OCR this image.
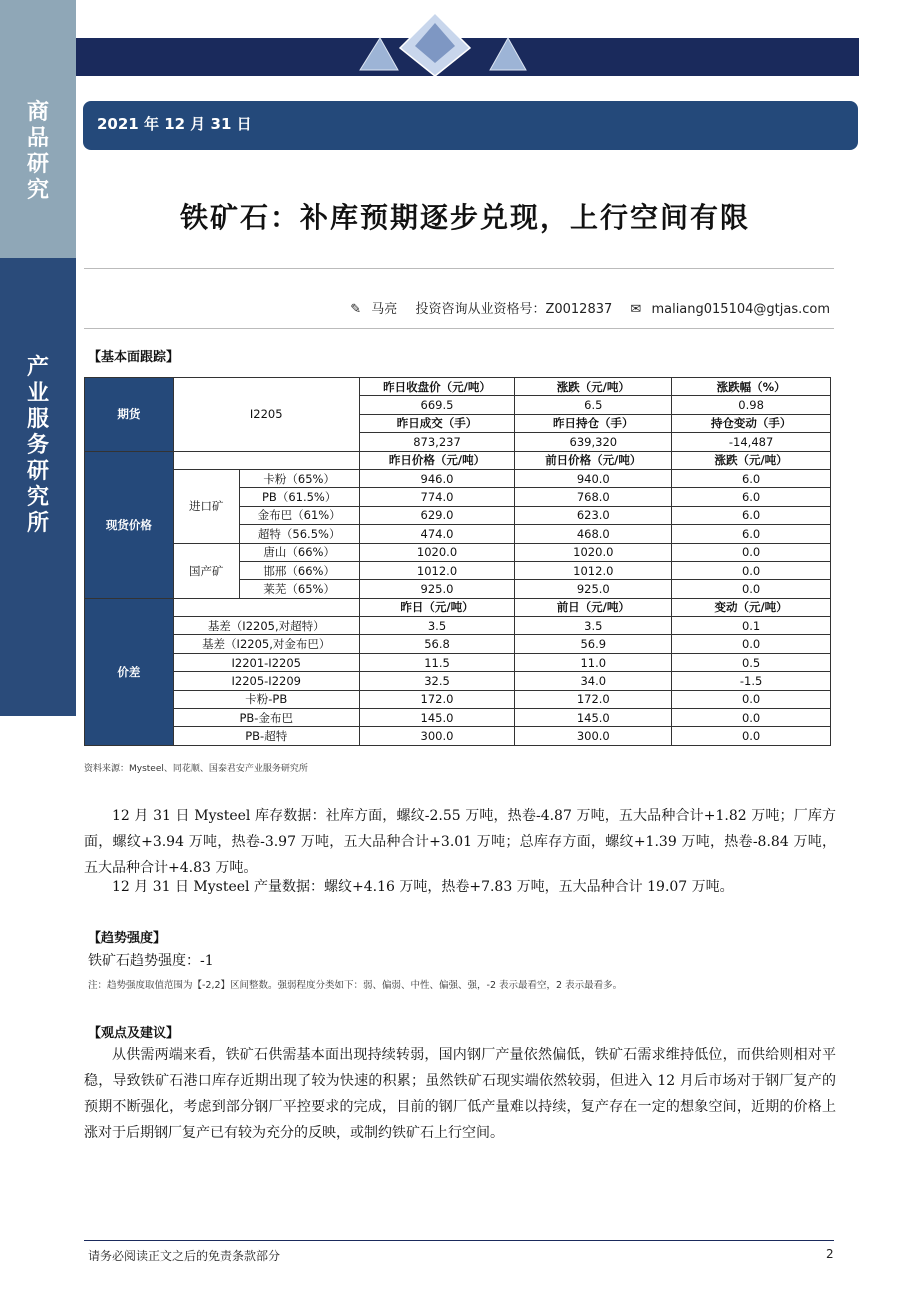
商
品
研
究
产
业
服
务
研
究
所
2021 年 12 月 31 日
铁矿石：补库预期逐步兑现，上行空间有限
✎ 马亮 投资咨询从业资格号：Z0012837 ✉ maliang015104@gtjas.com
【基本面跟踪】
期货	I2205		昨日收盘价（元/吨）	涨跌（元/吨）	涨跌幅（%）
			669.5	6.5	0.98
			昨日成交（手）	昨日持仓（手）	持仓变动（手）
			873,237	639,320	-14,487
现货价格			昨日价格（元/吨）	前日价格（元/吨）	涨跌（元/吨）
	进口矿	卡粉（65%）	946.0	940.0	6.0
		PB（61.5%）	774.0	768.0	6.0
		金布巴（61%）	629.0	623.0	6.0
		超特（56.5%）	474.0	468.0	6.0
	国产矿	唐山（66%）	1020.0	1020.0	0.0
		邯邢（66%）	1012.0	1012.0	0.0
		莱芜（65%）	925.0	925.0	0.0
价差			昨日（元/吨）	前日（元/吨）	变动（元/吨）
	基差（I2205,对超特）		3.5	3.5	0.1
	基差（I2205,对金布巴）		56.8	56.9	0.0
	I2201-I2205		11.5	11.0	0.5
	I2205-I2209		32.5	34.0	-1.5
	卡粉-PB		172.0	172.0	0.0
	PB-金布巴		145.0	145.0	0.0
	PB-超特		300.0	300.0	0.0
资料来源：Mysteel、同花顺、国泰君安产业服务研究所
12 月 31 日 Mysteel 库存数据：社库方面，螺纹-2.55 万吨，热卷-4.87 万吨，五大品种合计+1.82 万吨；厂库方面，螺纹+3.94 万吨，热卷-3.97 万吨，五大品种合计+3.01 万吨；总库存方面，螺纹+1.39 万吨，热卷-8.84 万吨，五大品种合计+4.83 万吨。
12 月 31 日 Mysteel 产量数据：螺纹+4.16 万吨，热卷+7.83 万吨，五大品种合计 19.07 万吨。
【趋势强度】
铁矿石趋势强度：-1
注：趋势强度取值范围为【-2,2】区间整数。强弱程度分类如下：弱、偏弱、中性、偏强、强，-2 表示最看空，2 表示最看多。
【观点及建议】
从供需两端来看，铁矿石供需基本面出现持续转弱，国内钢厂产量依然偏低，铁矿石需求维持低位，而供给则相对平稳，导致铁矿石港口库存近期出现了较为快速的积累；虽然铁矿石现实端依然较弱，但进入 12 月后市场对于钢厂复产的预期不断强化，考虑到部分钢厂平控要求的完成，目前的钢厂低产量难以持续，复产存在一定的想象空间，近期的价格上涨对于后期钢厂复产已有较为充分的反映，或制约铁矿石上行空间。
请务必阅读正文之后的免责条款部分	2
